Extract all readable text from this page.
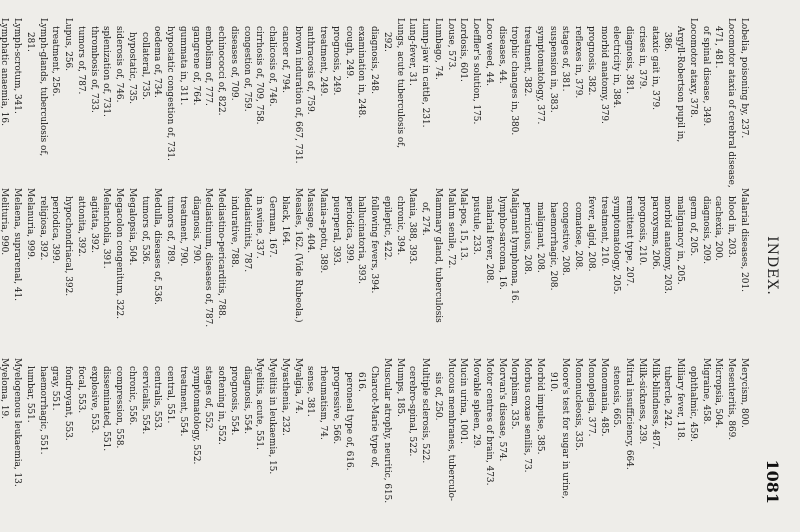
INDEX.
1081
Lobelia, poisoning by, 237.
Locomotor ataxia of cerebral disease,
471, 481.
of spinal disease, 349.
Locomotor ataxy, 378.
Argyll-Robertson pupil in,
386.
ataxic gait in, 379.
crises in, 379.
diagnosis, 381.
electricity in, 384.
morbid anatomy, 379.
prognosis, 382.
reflexes in, 379.
stages of, 381.
suspension in, 383.
symptomatology, 377.
treatment, 382.
trophic changes in, 380.
diseases, 44.
Loco weed, 44.
Loeffler's solution, 175.
Lordosis, 601.
Louse, 573.
Lumbago, 74.
Lump-jaw in cattle, 231.
Lung-fever, 31.
Lungs, acute tuberculosis of,
292.
diagnosis, 248.
examination in, 248.
cough, 249.
prognosis, 249.
treatment, 249.
anthracosis of, 759.
brown induration of, 667, 731.
cancer of, 794.
chalicosis of, 746.
cirrhosis of, 709, 758.
congestion of, 759.
diseases of, 709.
echinococci of, 822.
embolism of, 777.
gangrene of, 764.
gummata in, 311.
hypostatic congestion of, 731.
oedema of, 734.
collateral, 735.
hypostatic, 735.
siderosis of, 746.
splenization of, 731.
thrombosis of, 733.
tumors of, 787.
Lupus, 256.
treatment, 256.
Lymph-glands, tuberculosis of,
281.
Lymph-scrotum, 341.
Lymphatic anaemia, 16.

Malarial diseases, 201.
blood in, 203.
cachexia, 200.
diagnosis, 209.
germ of, 205.
malignancy in, 205.
morbid anatomy, 203.
paroxysms, 206.
prognosis, 210.
remittent type, 207.
symptomatology, 205.
treatment, 210.
fever, algid, 208.
comatose, 208.
congestive, 208.
haemorrhagic, 208.
malignant, 208.
pernicious, 208.
Malignant lymphoma, 16.
lympho-sarcoma, 16.
malarial fever, 208.
pustule, 233.
Mal-pos, 15, 13.
Malum senile, 72.
Mammary gland, tuberculosis
of, 274.
Mania, 388, 393.
chronic, 394.
epileptic, 422.
following fevers, 394.
hallucinatoria, 393.
periodica, 399.
puerperal, 393.
Mania-a-potu, 389.
Massage, 404.
Measles, 162. (Vide Rubeola.)
black, 164.
German, 167.
in swine, 337.
Mediastinitis, 787.
indurative, 788.
Mediastino-pericarditis, 788.
Mediastinum, diseases of, 787.
diagnosis, 790.
treatment, 790.
tumors of, 789.
Medulla, diseases of, 536.
tumors of, 536.
Megalopsia, 504.
Megacolon congenitum, 322.
Melancholia, 391.
agitata, 392.
attonita, 392.
hypochondriacal, 392.
periodica, 399.
religiosa, 392.
Melanuria, 999.
Melaena, suprarenal, 41.
Melituria, 990.
Merycism, 800.
Mesenteritis, 869.
Micropsia, 504.
Migraine, 458.
ophthalmic, 459.
Miliary fever, 118.
tubercle, 242.
Milk-blindness, 487.
Milk-sickness, 239.
Mitral insufficiency, 664.
stenosis, 665.
Monomania, 485.
Monoplegia, 377.
Mononucleosis, 335.
Moore's test for sugar in urine,
910.
Morbid impulse, 385.
Morbus coxae senilis, 73.
Morphism, 335.
Morvan's disease, 574.
Motor centres of brain, 473.
Movable spleen, 29.
Mucin urina, 1001.
Mucous membranes, tuberculo-
sis of, 250.
Multiple sclerosis, 522.
cerebro-spinal, 522.
Mumps, 185.
Muscular atrophy, neuritic, 615.
Charcot-Marie type of,
616.
peroneal type of, 616.
progressive, 566.
rheumatism, 74.
sense, 381.
Myalgia, 74.
Myasthenia, 232.
Myelitis in leukaemia, 15.
Myelitis, acute, 551.
diagnosis, 554.
prognosis, 554.
softening in, 552.
stages of, 552.
symptomatology, 552.
treatment, 554.
central, 551.
centralis, 553.
cervicalis, 554.
chronic, 556.
compression, 558.
disseminated, 551.
explosive, 553.
focal, 553.
fondroyant, 553.
gray, 551.
haemorrhagic, 551.
lumbar, 551.
Myelogenous leukaemia, 13.
Myeloma, 19.
